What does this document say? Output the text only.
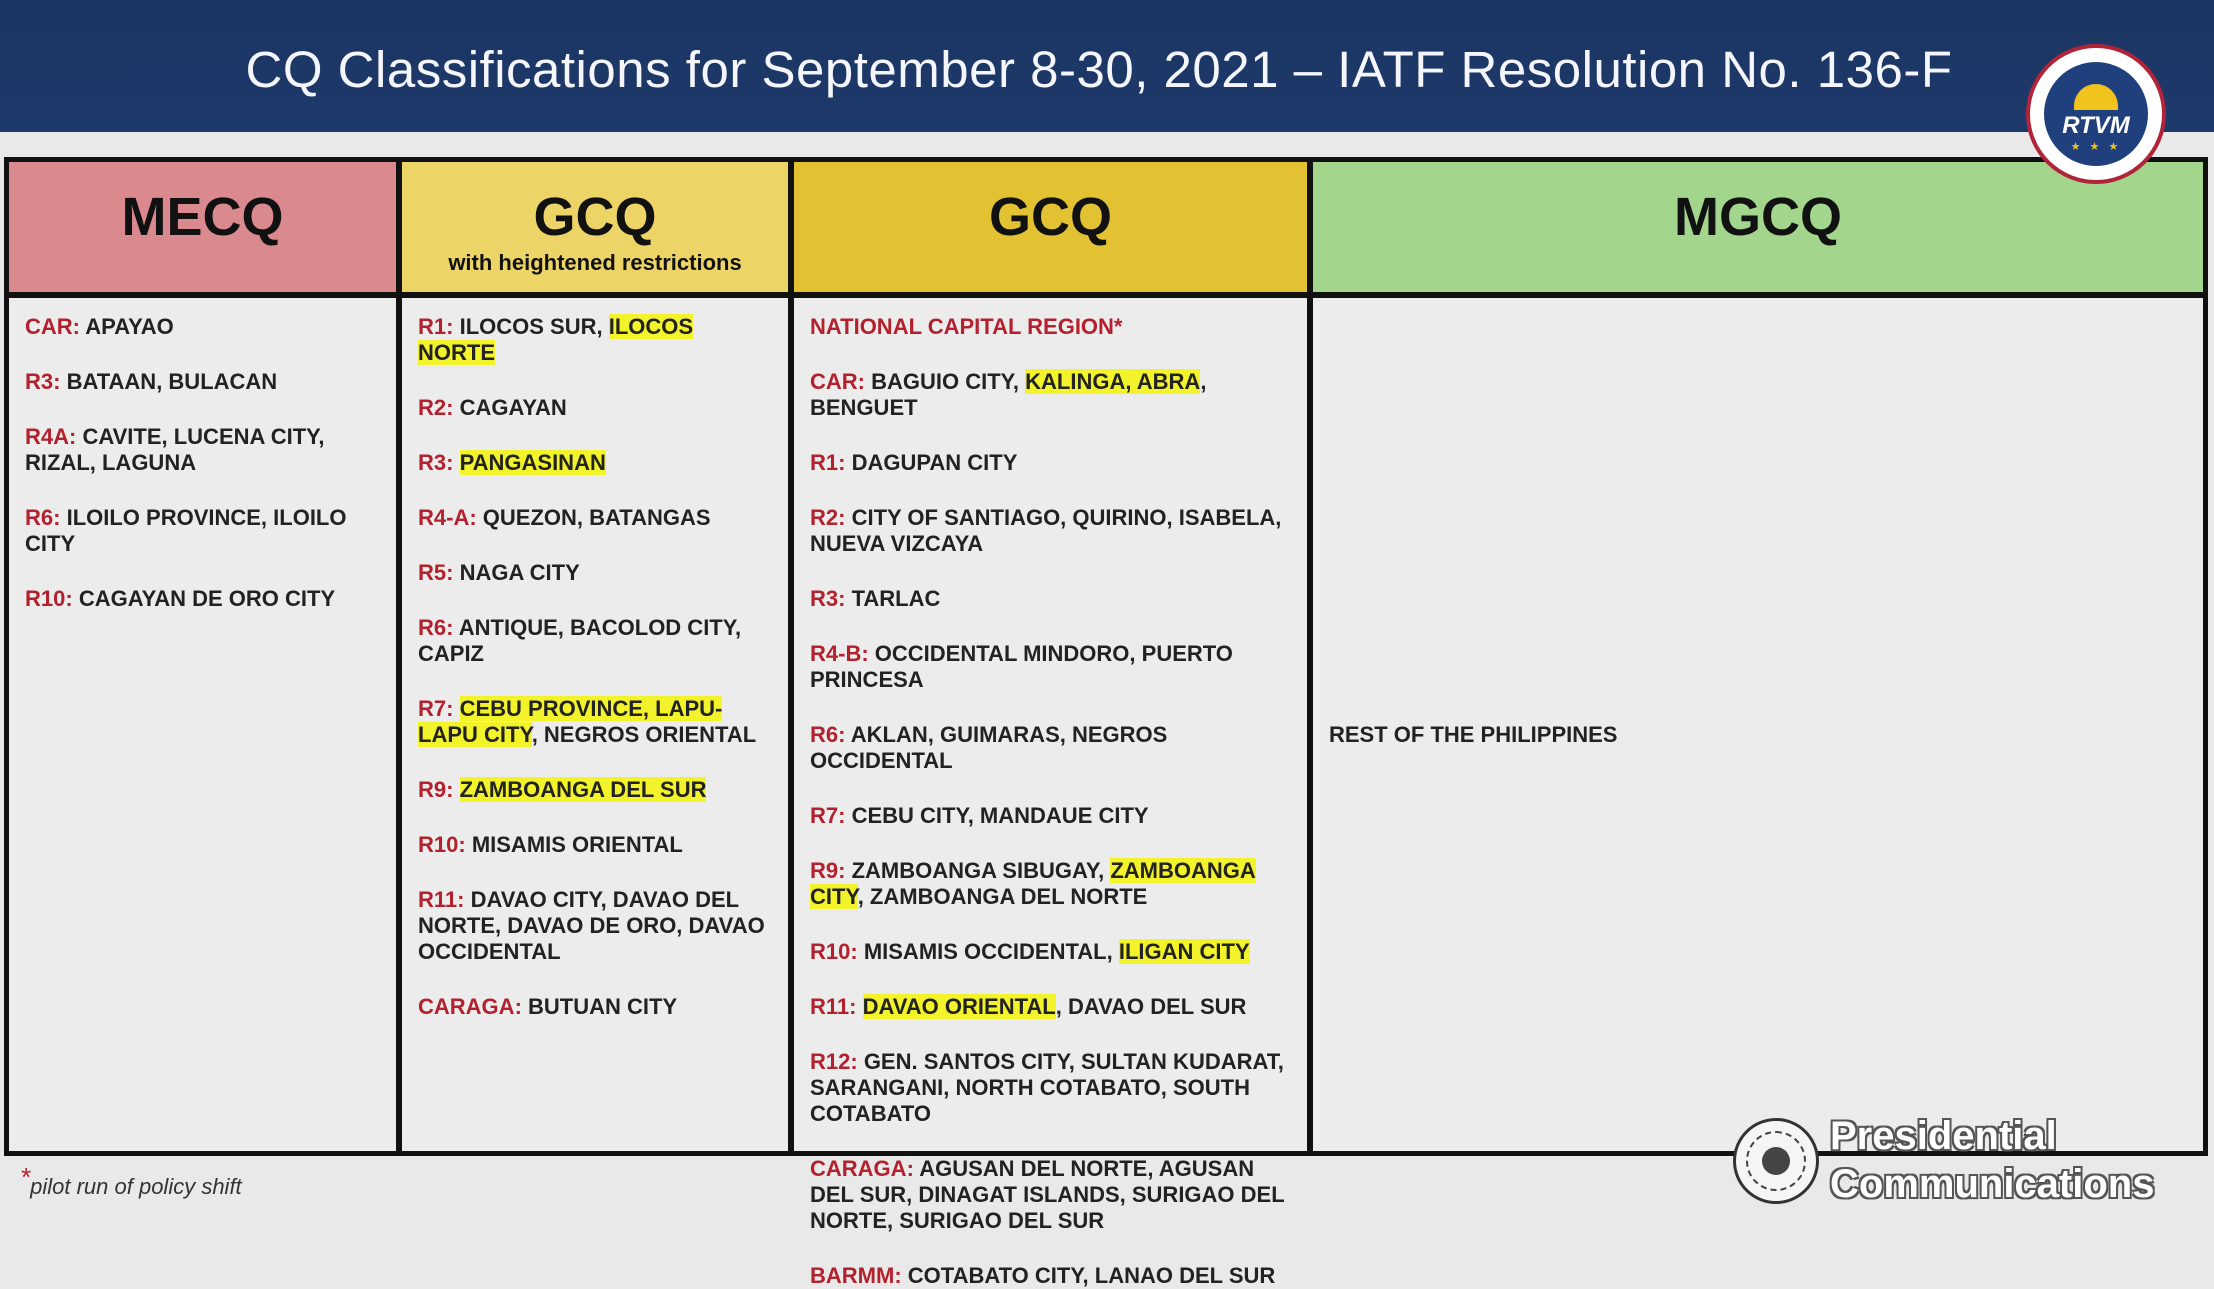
CQ Classifications for September 8-30, 2021 – IATF Resolution No. 136-F
RTVM
★ ★ ★
MECQ
CAR: APAYAO
R3: BATAAN, BULACAN
R4A: CAVITE, LUCENA CITY, RIZAL, LAGUNA
R6: ILOILO PROVINCE, ILOILO CITY
R10: CAGAYAN DE ORO CITY
GCQ
with heightened restrictions
R1: ILOCOS SUR, ILOCOS NORTE
R2: CAGAYAN
R3: PANGASINAN
R4-A: QUEZON, BATANGAS
R5: NAGA CITY
R6: ANTIQUE, BACOLOD CITY, CAPIZ
R7: CEBU PROVINCE, LAPU-LAPU CITY, NEGROS ORIENTAL
R9: ZAMBOANGA DEL SUR
R10: MISAMIS ORIENTAL
R11: DAVAO CITY, DAVAO DEL NORTE, DAVAO DE ORO, DAVAO OCCIDENTAL
CARAGA: BUTUAN CITY
GCQ
NATIONAL CAPITAL REGION*
CAR: BAGUIO CITY, KALINGA, ABRA, BENGUET
R1: DAGUPAN CITY
R2: CITY OF SANTIAGO, QUIRINO, ISABELA, NUEVA VIZCAYA
R3: TARLAC
R4-B: OCCIDENTAL MINDORO, PUERTO PRINCESA
R6: AKLAN, GUIMARAS, NEGROS OCCIDENTAL
R7: CEBU CITY, MANDAUE CITY
R9: ZAMBOANGA SIBUGAY, ZAMBOANGA CITY, ZAMBOANGA DEL NORTE
R10: MISAMIS OCCIDENTAL, ILIGAN CITY
R11: DAVAO ORIENTAL, DAVAO DEL SUR
R12: GEN. SANTOS CITY, SULTAN KUDARAT, SARANGANI, NORTH COTABATO, SOUTH COTABATO
CARAGA: AGUSAN DEL NORTE, AGUSAN DEL SUR, DINAGAT ISLANDS, SURIGAO DEL NORTE, SURIGAO DEL SUR
BARMM: COTABATO CITY, LANAO DEL SUR
MGCQ
REST OF THE PHILIPPINES
*pilot run of policy shift
Presidential
Communications
